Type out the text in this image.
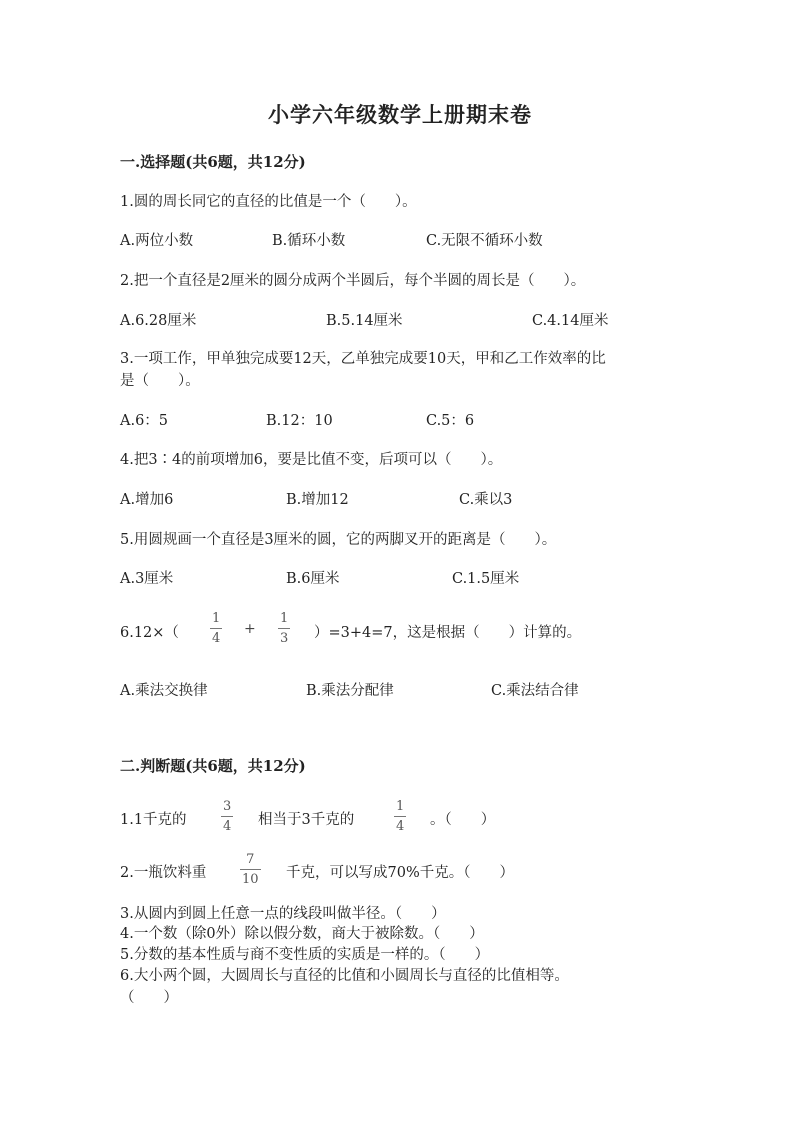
小学六年级数学上册期末卷
一.选择题(共6题，共12分)
1.圆的周长同它的直径的比值是一个（　　）。
A.两位小数	B.循环小数	C.无限不循环小数
2.把一个直径是2厘米的圆分成两个半圆后，每个半圆的周长是（　　）。
A.6.28厘米	B.5.14厘米	C.4.14厘米
3.一项工作，甲单独完成要12天，乙单独完成要10天，甲和乙工作效率的比
是（　　）。
A.6：5	B.12：10	C.5：6
4.把3∶4的前项增加6，要是比值不变，后项可以（　　）。
A.增加6	B.增加12	C.乘以3
5.用圆规画一个直径是3厘米的圆，它的两脚叉开的距离是（　　）。
A.3厘米	B.6厘米	C.1.5厘米
6.12×（
1
4
+
1
3 ）=3+4=7，这是根据（　　）计算的。
A.乘法交换律	B.乘法分配律	C.乘法结合律
二.判断题(共6题，共12分)
1.1千克的
3
4 相当于3千克的
1
4 。（　　）
2.一瓶饮料重
7
10 千克，可以写成70%千克。（　　）
3.从圆内到圆上任意一点的线段叫做半径。（　　）
4.一个数（除0外）除以假分数，商大于被除数。（　　）
5.分数的基本性质与商不变性质的实质是一样的。（　　）
6.大小两个圆，大圆周长与直径的比值和小圆周长与直径的比值相等。
（　　）
